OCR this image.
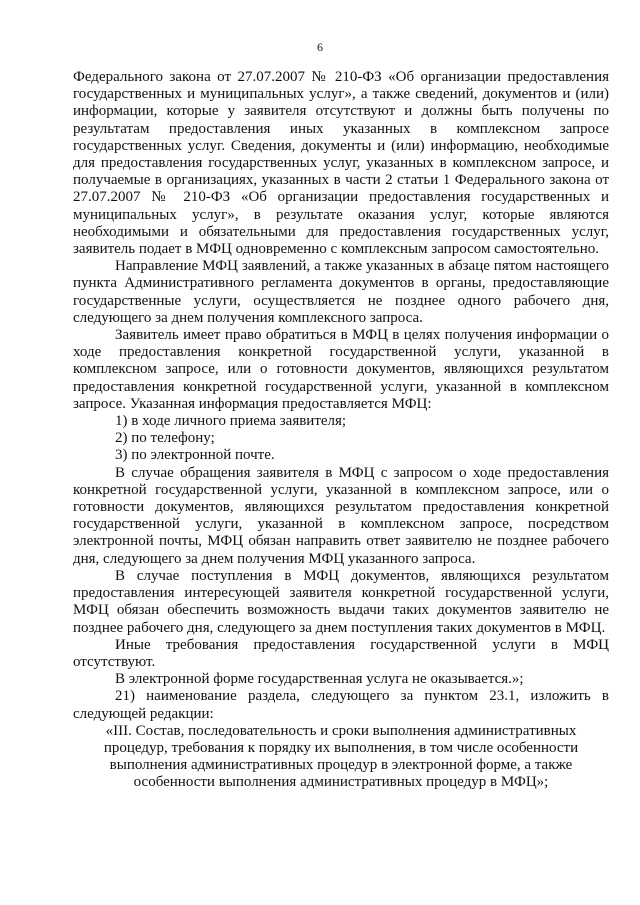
6

Федерального закона от 27.07.2007 № 210-ФЗ «Об организации предоставления государственных и муниципальных услуг», а также сведений, документов и (или) информации, которые у заявителя отсутствуют и должны быть получены по результатам предоставления иных указанных в комплексном запросе государственных услуг. Сведения, документы и (или) информацию, необходимые для предоставления государственных услуг, указанных в комплексном запросе, и получаемые в организациях, указанных в части 2 статьи 1 Федерального закона от 27.07.2007 № 210-ФЗ «Об организации предоставления государственных и муниципальных услуг», в результате оказания услуг, которые являются необходимыми и обязательными для предоставления государственных услуг, заявитель подает в МФЦ одновременно с комплексным запросом самостоятельно.

Направление МФЦ заявлений, а также указанных в абзаце пятом настоящего пункта Административного регламента документов в органы, предоставляющие государственные услуги, осуществляется не позднее одного рабочего дня, следующего за днем получения комплексного запроса.

Заявитель имеет право обратиться в МФЦ в целях получения информации о ходе предоставления конкретной государственной услуги, указанной в комплексном запросе, или о готовности документов, являющихся результатом предоставления конкретной государственной услуги, указанной в комплексном запросе. Указанная информация предоставляется МФЦ:

1) в ходе личного приема заявителя;

2) по телефону;

3) по электронной почте.

В случае обращения заявителя в МФЦ с запросом о ходе предоставления конкретной государственной услуги, указанной в комплексном запросе, или о готовности документов, являющихся результатом предоставления конкретной государственной услуги, указанной в комплексном запросе, посредством электронной почты, МФЦ обязан направить ответ заявителю не позднее рабочего дня, следующего за днем получения МФЦ указанного запроса.

В случае поступления в МФЦ документов, являющихся результатом предоставления интересующей заявителя конкретной государственной услуги, МФЦ обязан обеспечить возможность выдачи таких документов заявителю не позднее рабочего дня, следующего за днем поступления таких документов в МФЦ.

Иные требования предоставления государственной услуги в МФЦ отсутствуют.

В электронной форме государственная услуга не оказывается.»;

21) наименование раздела, следующего за пунктом 23.1, изложить в следующей редакции:

«III. Состав, последовательность и сроки выполнения административных процедур, требования к порядку их выполнения, в том числе особенности выполнения административных процедур в электронной форме, а также особенности выполнения административных процедур в МФЦ»;
